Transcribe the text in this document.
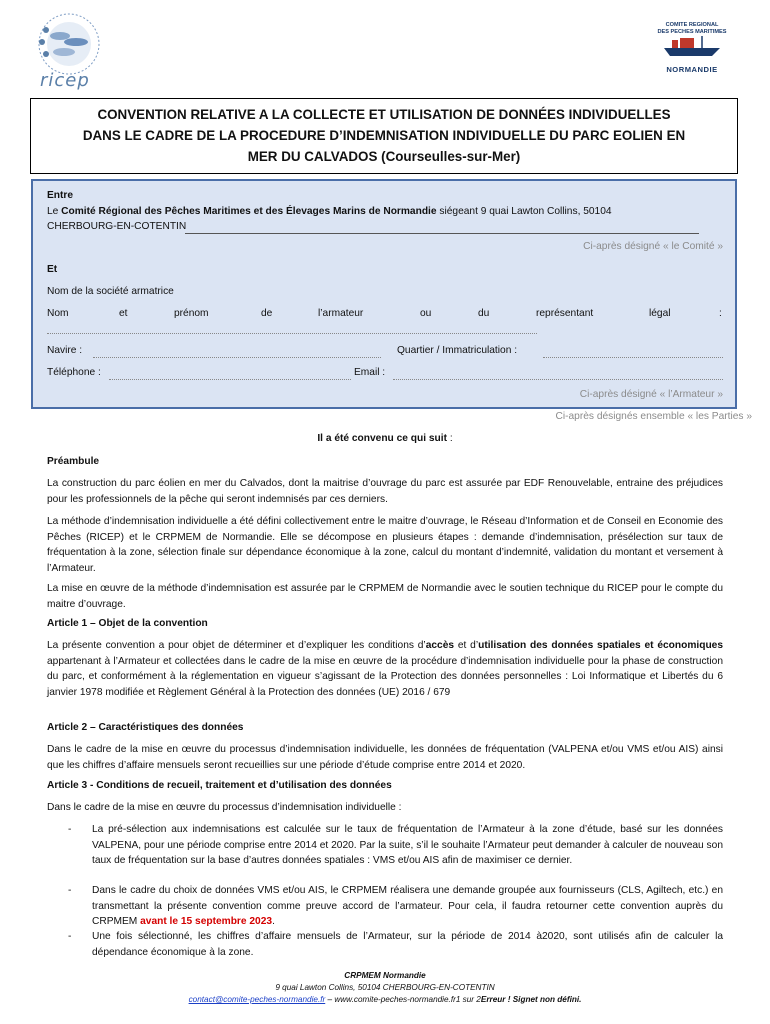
ricep
COMITE REGIONAL
DES PECHES MARITIMES
NORMANDIE
CONVENTION RELATIVE A LA COLLECTE ET UTILISATION DE DONNÉES INDIVIDUELLES
DANS LE CADRE DE LA PROCEDURE D’INDEMNISATION INDIVIDUELLE DU PARC EOLIEN EN
MER DU CALVADOS (Courseulles-sur-Mer)
Entre
Le Comité Régional des Pêches Maritimes et des Élevages Marins de Normandie siégeant 9 quai Lawton Collins, 50104
CHERBOURG-EN-COTENTIN
Ci-après désigné « le Comité »
Et
Nom de la société armatrice
Nom	et	prénom	de	l’armateur	ou	du	représentant	légal	:
Navire :	Quartier / Immatriculation :
Téléphone :	Email :
Ci-après désigné « l’Armateur »
Ci-après désignés ensemble « les Parties »
Il a été convenu ce qui suit :
Préambule
La construction du parc éolien en mer du Calvados, dont la maitrise d’ouvrage du parc est assurée par EDF Renouvelable, entraine des préjudices pour les professionnels de la pêche qui seront indemnisés par ces derniers.
La méthode d’indemnisation individuelle a été défini collectivement entre le maitre d’ouvrage, le Réseau d’Information et de Conseil en Economie des Pêches (RICEP) et le CRPMEM de Normandie. Elle se décompose en plusieurs étapes : demande d’indemnisation, présélection sur taux de fréquentation à la zone, sélection finale sur dépendance économique à la zone, calcul du montant d’indemnité, validation du montant et versement à l’Armateur.
La mise en œuvre de la méthode d’indemnisation est assurée par le CRPMEM de Normandie avec le soutien technique du RICEP pour le compte du maitre d’ouvrage.
Article 1 – Objet de la convention
La présente convention a pour objet de déterminer et d’expliquer les conditions d’accès et d’utilisation des données spatiales et économiques appartenant à l’Armateur et collectées dans le cadre de la mise en œuvre de la procédure d’indemnisation individuelle pour la phase de construction du parc, et conformément à la réglementation en vigueur s’agissant de la Protection des données personnelles : Loi Informatique et Libertés du 6 janvier 1978 modifiée et Règlement Général à la Protection des données (UE) 2016 / 679
Article 2 – Caractéristiques des données
Dans le cadre de la mise en œuvre du processus d’indemnisation individuelle, les données de fréquentation (VALPENA et/ou VMS et/ou AIS) ainsi que les chiffres d’affaire mensuels seront recueillies sur une période d’étude comprise entre 2014 et 2020.
Article 3 - Conditions de recueil, traitement et d’utilisation des données
Dans le cadre de la mise en œuvre du processus d’indemnisation individuelle :
- La pré-sélection aux indemnisations est calculée sur le taux de fréquentation de l’Armateur à la zone d’étude, basé sur les données VALPENA, pour une période comprise entre 2014 et 2020. Par la suite, s’il le souhaite l’Armateur peut demander à calculer de nouveau son taux de fréquentation sur la base d’autres données spatiales : VMS et/ou AIS afin de maximiser ce dernier.
- Dans le cadre du choix de données VMS et/ou AIS, le CRPMEM réalisera une demande groupée aux fournisseurs (CLS, Agiltech, etc.) en transmettant la présente convention comme preuve accord de l’armateur. Pour cela, il faudra retourner cette convention auprès du CRPMEM avant le 15 septembre 2023.
- Une fois sélectionné, les chiffres d’affaire mensuels de l’Armateur, sur la période de 2014 à2020, sont utilisés afin de calculer la dépendance économique à la zone.
CRPMEM Normandie
9 quai Lawton Collins, 50104 CHERBOURG-EN-COTENTIN
contact@comite-peches-normandie.fr – www.comite-peches-normandie.fr1 sur 2Erreur ! Signet non défini.
